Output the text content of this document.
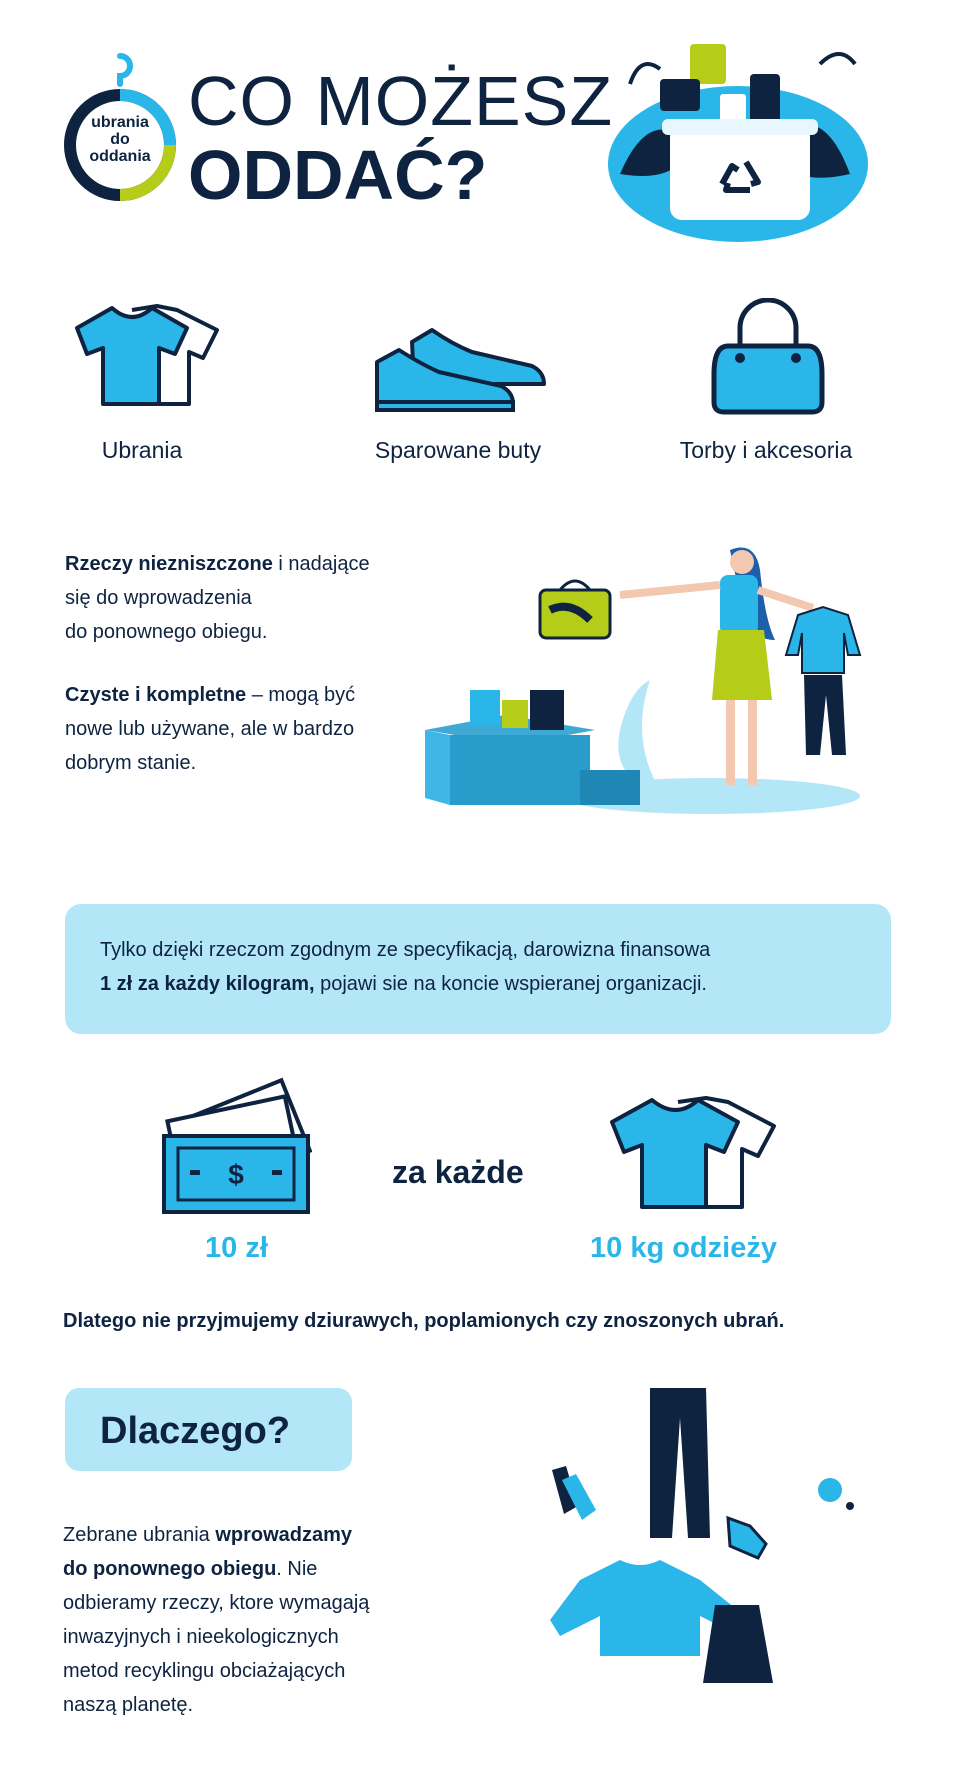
ubrania
do
oddania
CO MOŻESZ
ODDAĆ?
Ubrania	Sparowane buty	Torby i akcesoria
Rzeczy niezniszczone i nadające
się do wprowadzenia
do ponownego obiegu.
Czyste i kompletne – mogą być
nowe lub używane, ale w bardzo
dobrym stanie.
Tylko dzięki rzeczom zgodnym ze specyfikacją, darowizna finansowa
1 zł za każdy kilogram, pojawi sie na koncie wspieranej organizacji.
$	za każde
10 zł	10 kg odzieży
Dlatego nie przyjmujemy dziurawych, poplamionych czy znoszonych ubrań.
Dlaczego?
Zebrane ubrania wprowadzamy
do ponownego obiegu. Nie
odbieramy rzeczy, ktore wymagają
inwazyjnych i nieekologicznych
metod recyklingu obciażających
naszą planetę.
